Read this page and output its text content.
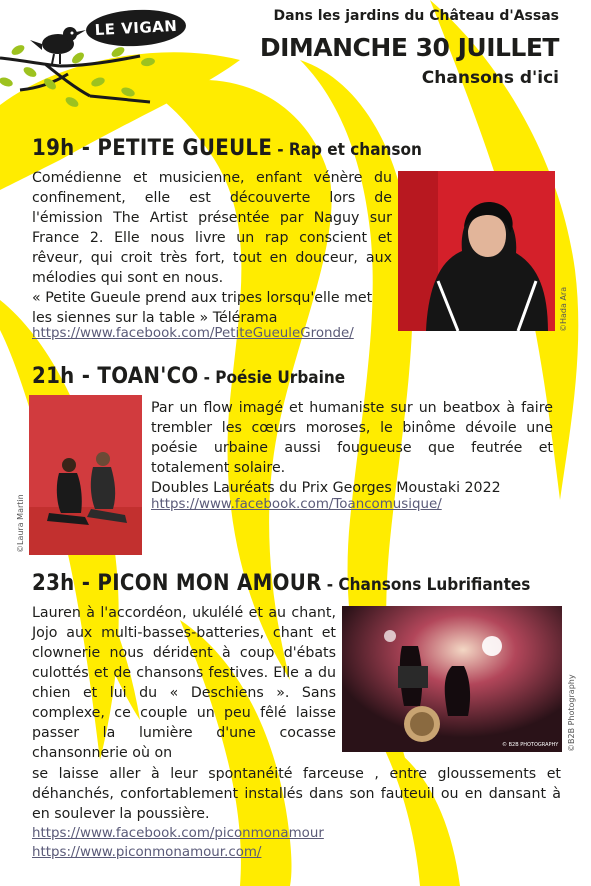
LE VIGAN
Dans les jardins du Château d'Assas
DIMANCHE 30 JUILLET
Chansons d'ici
19h - PETITE GUEULE - Rap et chanson

Comédienne et musicienne, enfant vénère du confinement, elle est découverte lors de l'émission The Artist présentée par Naguy sur France 2. Elle nous livre un rap conscient et rêveur, qui croit très fort, tout en douceur, aux mélodies qui sont en nous.

« Petite Gueule prend aux tripes lorsqu'elle met les siennes sur la table » Télérama

https://www.facebook.com/PetiteGueuleGronde/
©Hada Ara
21h - TOAN'CO - Poésie Urbaine
©Laura Martin

Par un flow imagé et humaniste sur un beatbox à faire trembler les cœurs moroses, le binôme dévoile une poésie urbaine aussi fougueuse que feutrée et totalement solaire.

Doubles Lauréats du Prix Georges Moustaki 2022

https://www.facebook.com/Toancomusique/
23h - PICON MON AMOUR - Chansons Lubrifiantes
Lauren à l'accordéon, ukulélé et au chant, Jojo aux multi-basses-batteries, chant et clownerie nous dérident à coup d'ébats culottés et de chansons festives. Elle a du chien et lui du « Deschiens ». Sans complexe, ce couple un peu fêlé laisse passer la lumière d'une cocasse chansonnerie où on	© B2B PHOTOGRAPHY ©B2B Photography
se laisse aller à leur spontanéité farceuse , entre gloussements et déhanchés, confortablement installés dans son fauteuil ou en dansant à en soulever la poussière.
https://www.facebook.com/piconmonamour
https://www.piconmonamour.com/
